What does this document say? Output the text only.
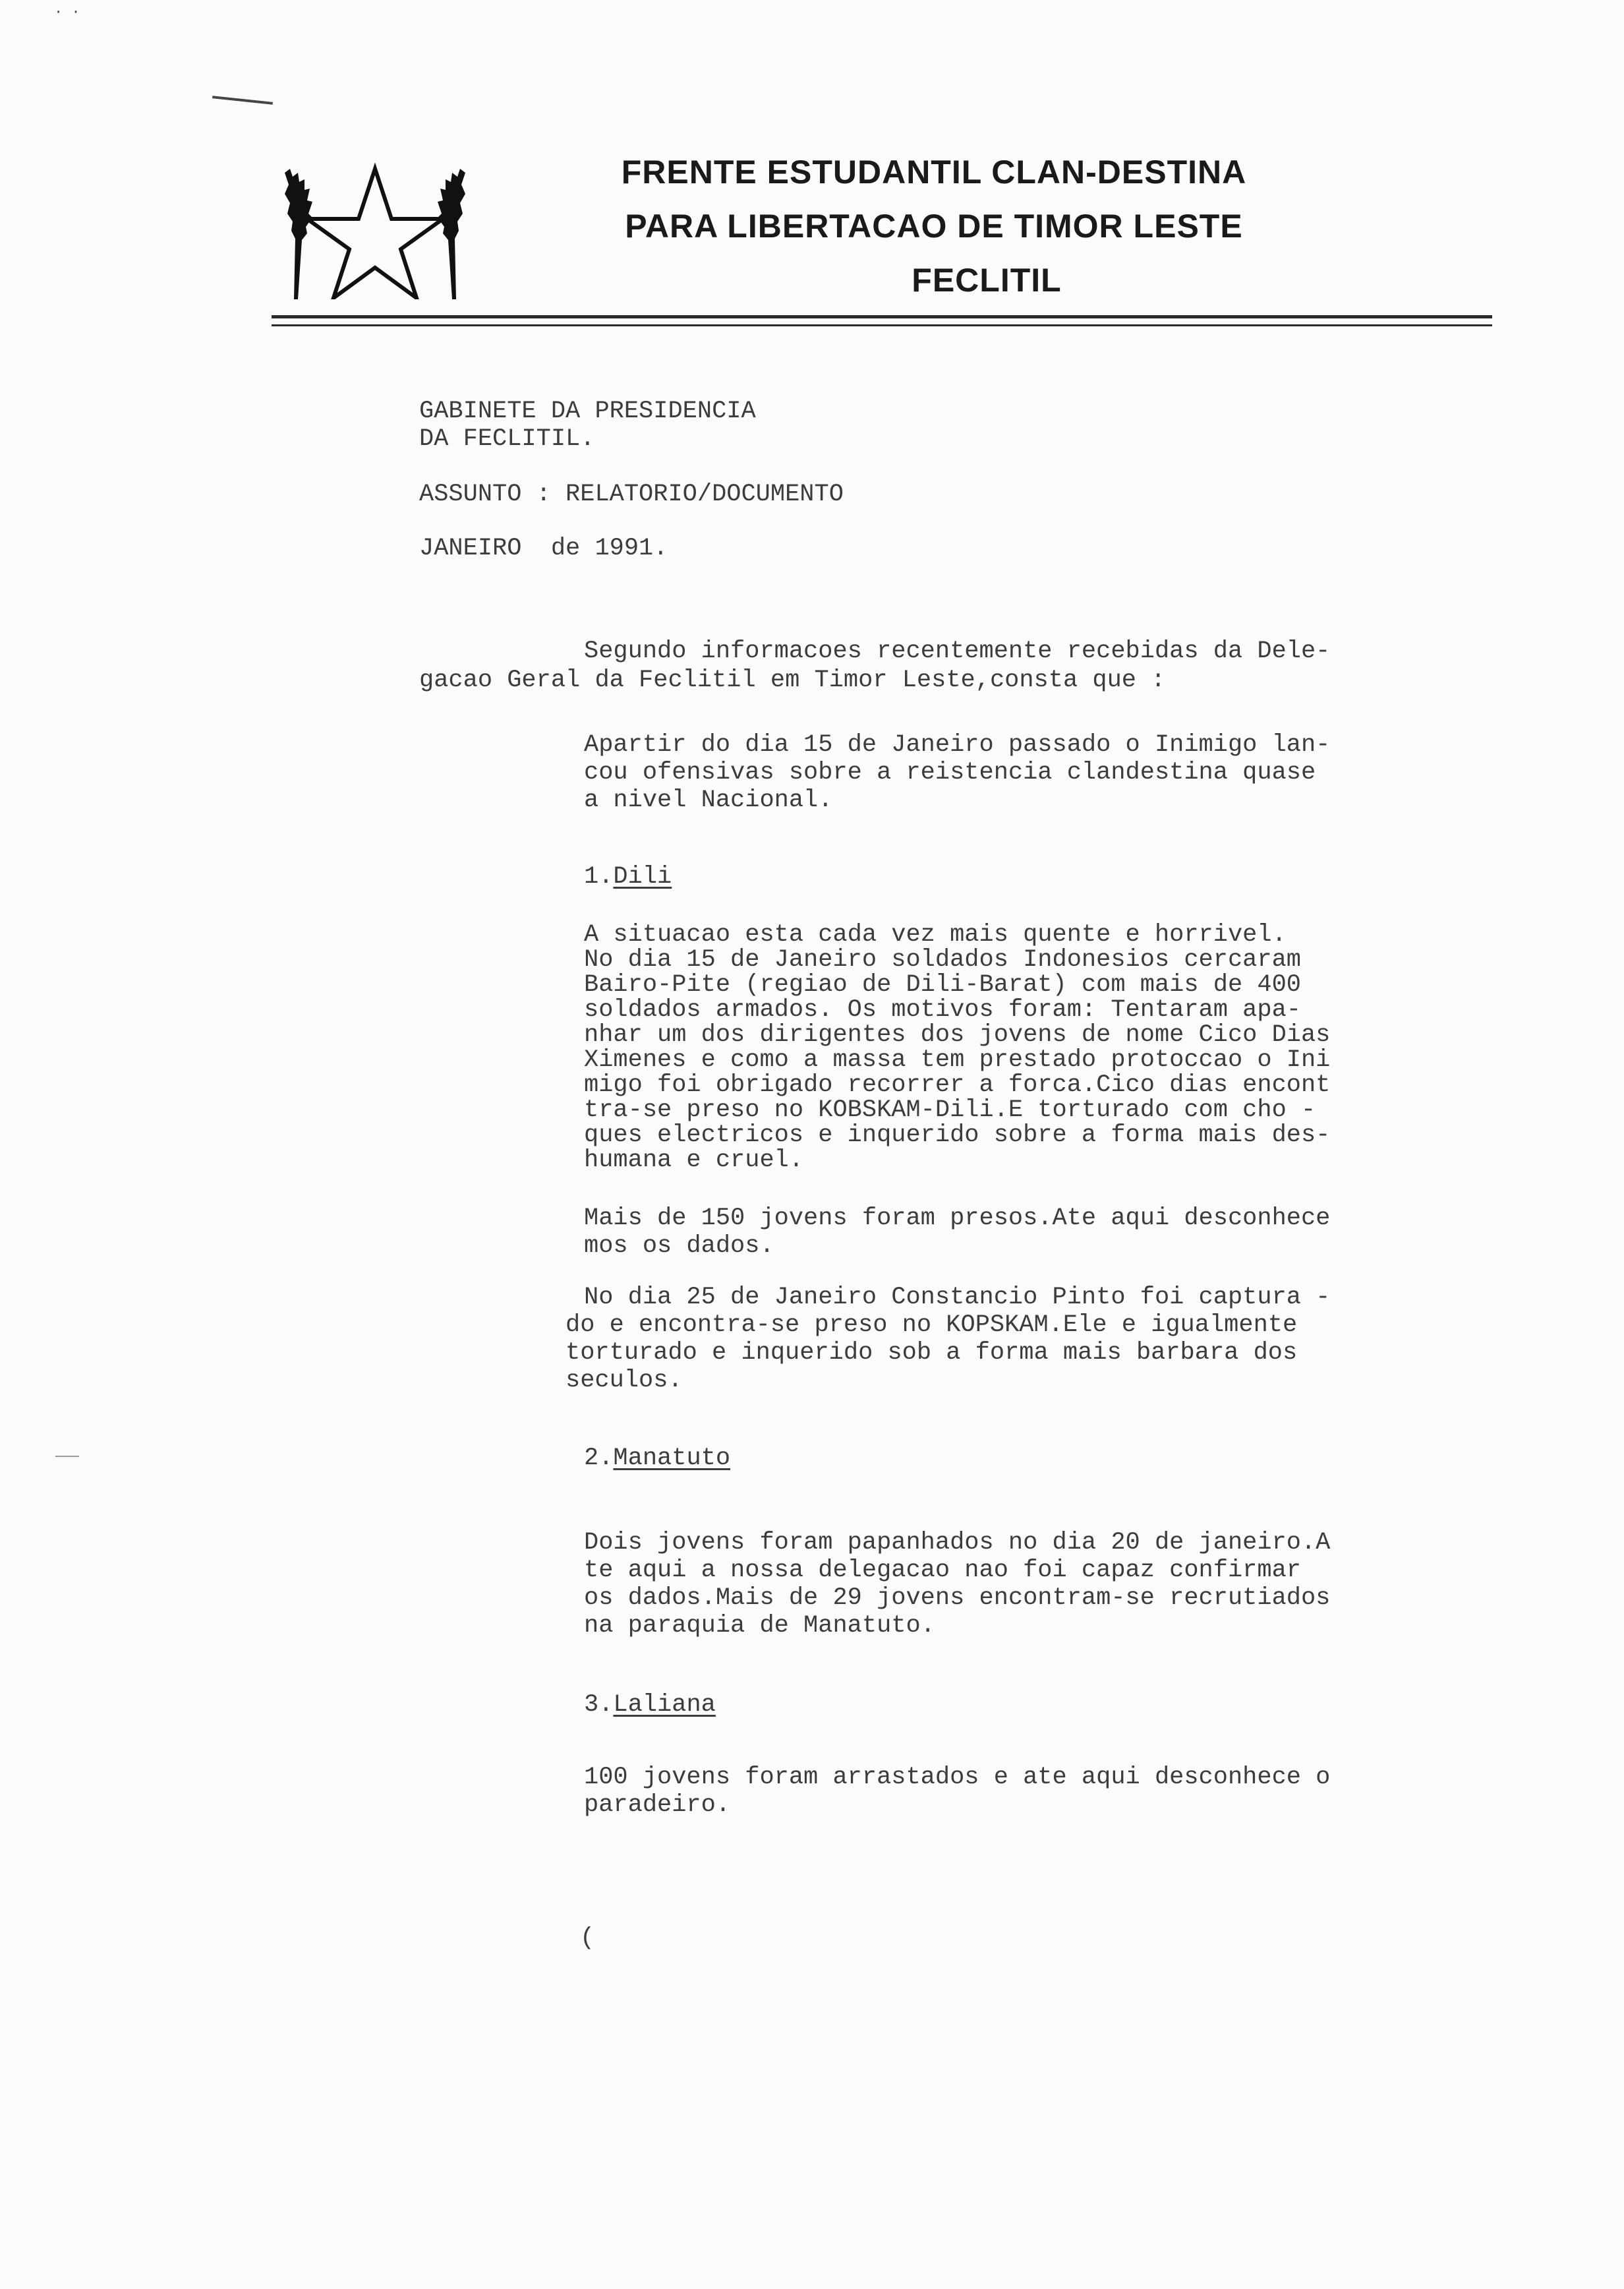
· ·
FRENTE ESTUDANTIL CLAN-DESTINA
PARA LIBERTACAO DE TIMOR LESTE
FECLITIL
GABINETE DA PRESIDENCIA
DA FECLITIL.
ASSUNTO : RELATORIO/DOCUMENTO
JANEIRO  de 1991.
Segundo informacoes recentemente recebidas da Dele-
gacao Geral da Feclitil em Timor Leste,consta que :
Apartir do dia 15 de Janeiro passado o Inimigo lan-
cou ofensivas sobre a reistencia clandestina quase
a nivel Nacional.
1.Dili
A situacao esta cada vez mais quente e horrivel.
No dia 15 de Janeiro soldados Indonesios cercaram
Bairo-Pite (regiao de Dili-Barat) com mais de 400
soldados armados. Os motivos foram: Tentaram apa-
nhar um dos dirigentes dos jovens de nome Cico Dias
Ximenes e como a massa tem prestado protoccao o Ini
migo foi obrigado recorrer a forca.Cico dias encont
tra-se preso no KOBSKAM-Dili.E torturado com cho -
ques electricos e inquerido sobre a forma mais des-
humana e cruel.
Mais de 150 jovens foram presos.Ate aqui desconhece
mos os dados.
No dia 25 de Janeiro Constancio Pinto foi captura -
do e encontra-se preso no KOPSKAM.Ele e igualmente
torturado e inquerido sob a forma mais barbara dos
seculos.
2.Manatuto
Dois jovens foram papanhados no dia 20 de janeiro.A
te aqui a nossa delegacao nao foi capaz confirmar
os dados.Mais de 29 jovens encontram-se recrutiados
na paraquia de Manatuto.
3.Laliana
100 jovens foram arrastados e ate aqui desconhece o
paradeiro.
(
